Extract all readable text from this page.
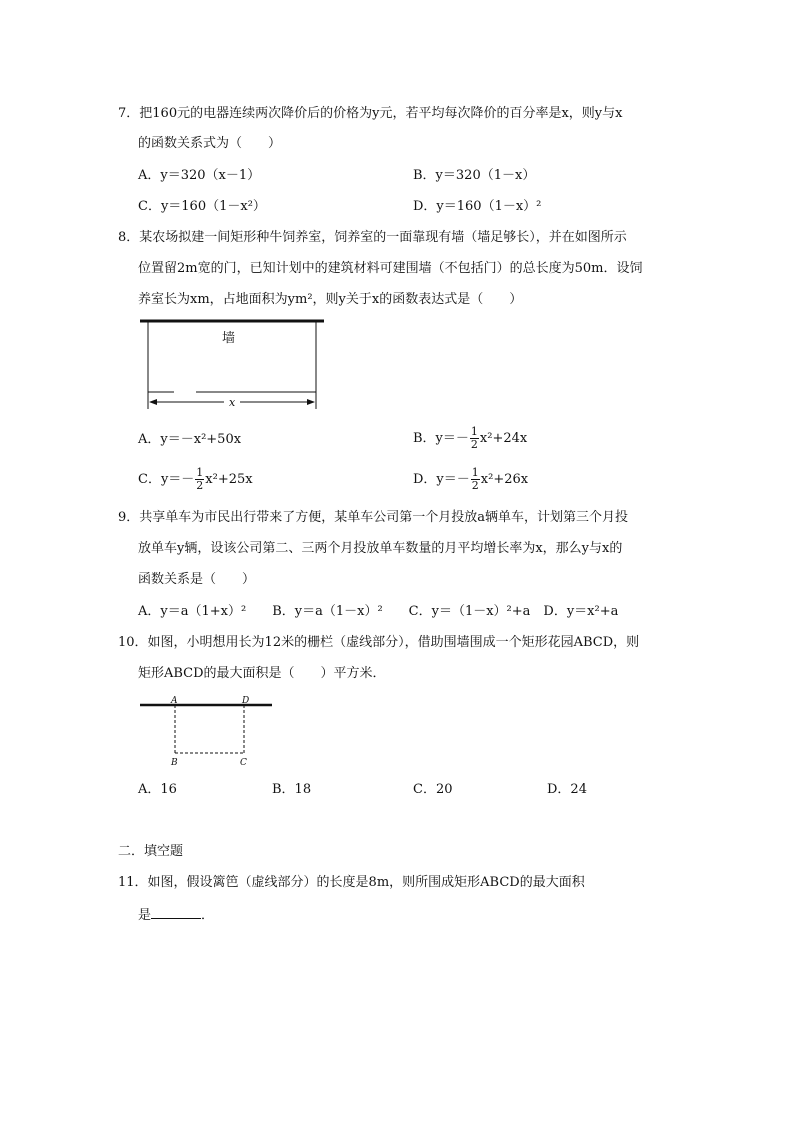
7．把160元的电器连续两次降价后的价格为y元，若平均每次降价的百分率是x，则y与x
的函数关系式为（　　）
A．y＝320（x－1）	B．y＝320（1－x）
C．y＝160（1－x²）	D．y＝160（1－x）²
8．某农场拟建一间矩形种牛饲养室，饲养室的一面靠现有墙（墙足够长），并在如图所示
位置留2m宽的门，已知计划中的建筑材料可建围墙（不包括门）的总长度为50m．设饲
养室长为xm，占地面积为ym²，则y关于x的函数表达式是（　　）
墙
x
A．y＝－x²+50x	B．$y=- \frac{1}{2} x^2+24x$
C．$y=- \frac{1}{2} x^2+25x$	D．$y=- \frac{1}{2} x^2+26x$
9．共享单车为市民出行带来了方便，某单车公司第一个月投放a辆单车，计划第三个月投
放单车y辆，设该公司第二、三两个月投放单车数量的月平均增长率为x，那么y与x的
函数关系是（　　）
A．y＝a（1+x）²　　B．y＝a（1－x）²　　C．y＝（1－x）²+a　D．y＝x²+a
10．如图，小明想用长为12米的栅栏（虚线部分），借助围墙围成一个矩形花园ABCD，则
矩形ABCD的最大面积是（　　）平方米．
A	D
B	C
A．16	B．18	C．20	D．24
二．填空题
11．如图，假设篱笆（虚线部分）的长度是8m，则所围成矩形ABCD的最大面积
是	．
